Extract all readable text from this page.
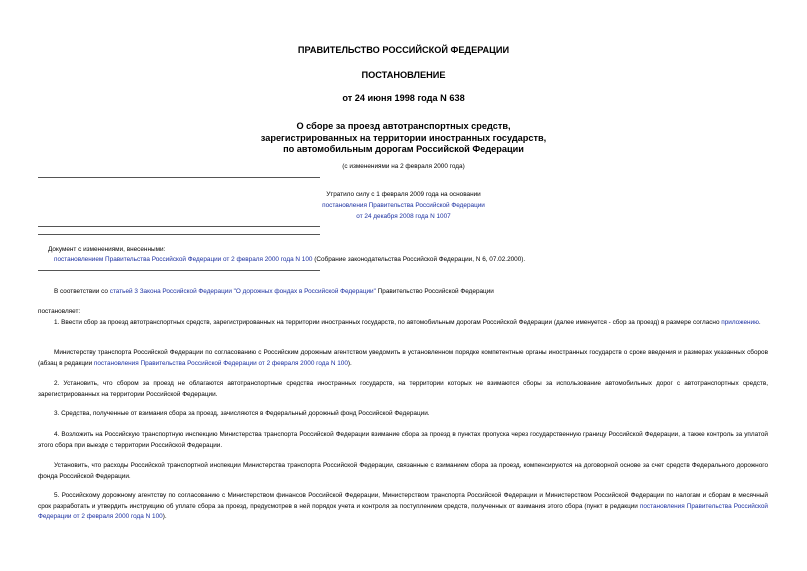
ПРАВИТЕЛЬСТВО РОССИЙСКОЙ ФЕДЕРАЦИИ
ПОСТАНОВЛЕНИЕ
от 24 июня 1998 года N 638
О сборе за проезд автотранспортных средств,
зарегистрированных на территории иностранных государств,
по автомобильным дорогам Российской Федерации
(с изменениями на 2 февраля 2000 года)
Утратило силу с 1 февраля 2009 года на основании
постановления Правительства Российской Федерации
от 24 декабря 2008 года N 1007
Документ с изменениями, внесенными:
постановлением Правительства Российской Федерации от 2 февраля 2000 года N 100 (Собрание законодательства Российской Федерации, N 6, 07.02.2000).
В соответствии со статьей 3 Закона Российской Федерации "О дорожных фондах в Российской Федерации" Правительство Российской Федерации
постановляет:
1. Ввести сбор за проезд автотранспортных средств, зарегистрированных на территории иностранных государств, по автомобильным дорогам Российской Федерации (далее именуется - сбор за проезд) в размере согласно приложению.
Министерству транспорта Российской Федерации по согласованию с Российским дорожным агентством уведомить в установленном порядке компетентные органы иностранных государств о сроке введения и размерах указанных сборов (абзац в редакции постановления Правительства Российской Федерации от 2 февраля 2000 года N 100).
2. Установить, что сбором за проезд не облагаются автотранспортные средства иностранных государств, на территории которых не взимаются сборы за использование автомобильных дорог с автотранспортных средств, зарегистрированных на территории Российской Федерации.
3. Средства, полученные от взимания сбора за проезд, зачисляются в Федеральный дорожный фонд Российской Федерации.
4. Возложить на Российскую транспортную инспекцию Министерства транспорта Российской Федерации взимание сбора за проезд в пунктах пропуска через государственную границу Российской Федерации, а также контроль за уплатой этого сбора при выезде с территории Российской Федерации.
Установить, что расходы Российской транспортной инспекции Министерства транспорта Российской Федерации, связанные с взиманием сбора за проезд, компенсируются на договорной основе за счет средств Федерального дорожного фонда Российской Федерации.
5. Российскому дорожному агентству по согласованию с Министерством финансов Российской Федерации, Министерством транспорта Российской Федерации и Министерством Российской Федерации по налогам и сборам в месячный срок разработать и утвердить инструкцию об уплате сбора за проезд, предусмотрев в ней порядок учета и контроля за поступлением средств, полученных от взимания этого сбора (пункт в редакции постановления Правительства Российской Федерации от 2 февраля 2000 года N 100).
